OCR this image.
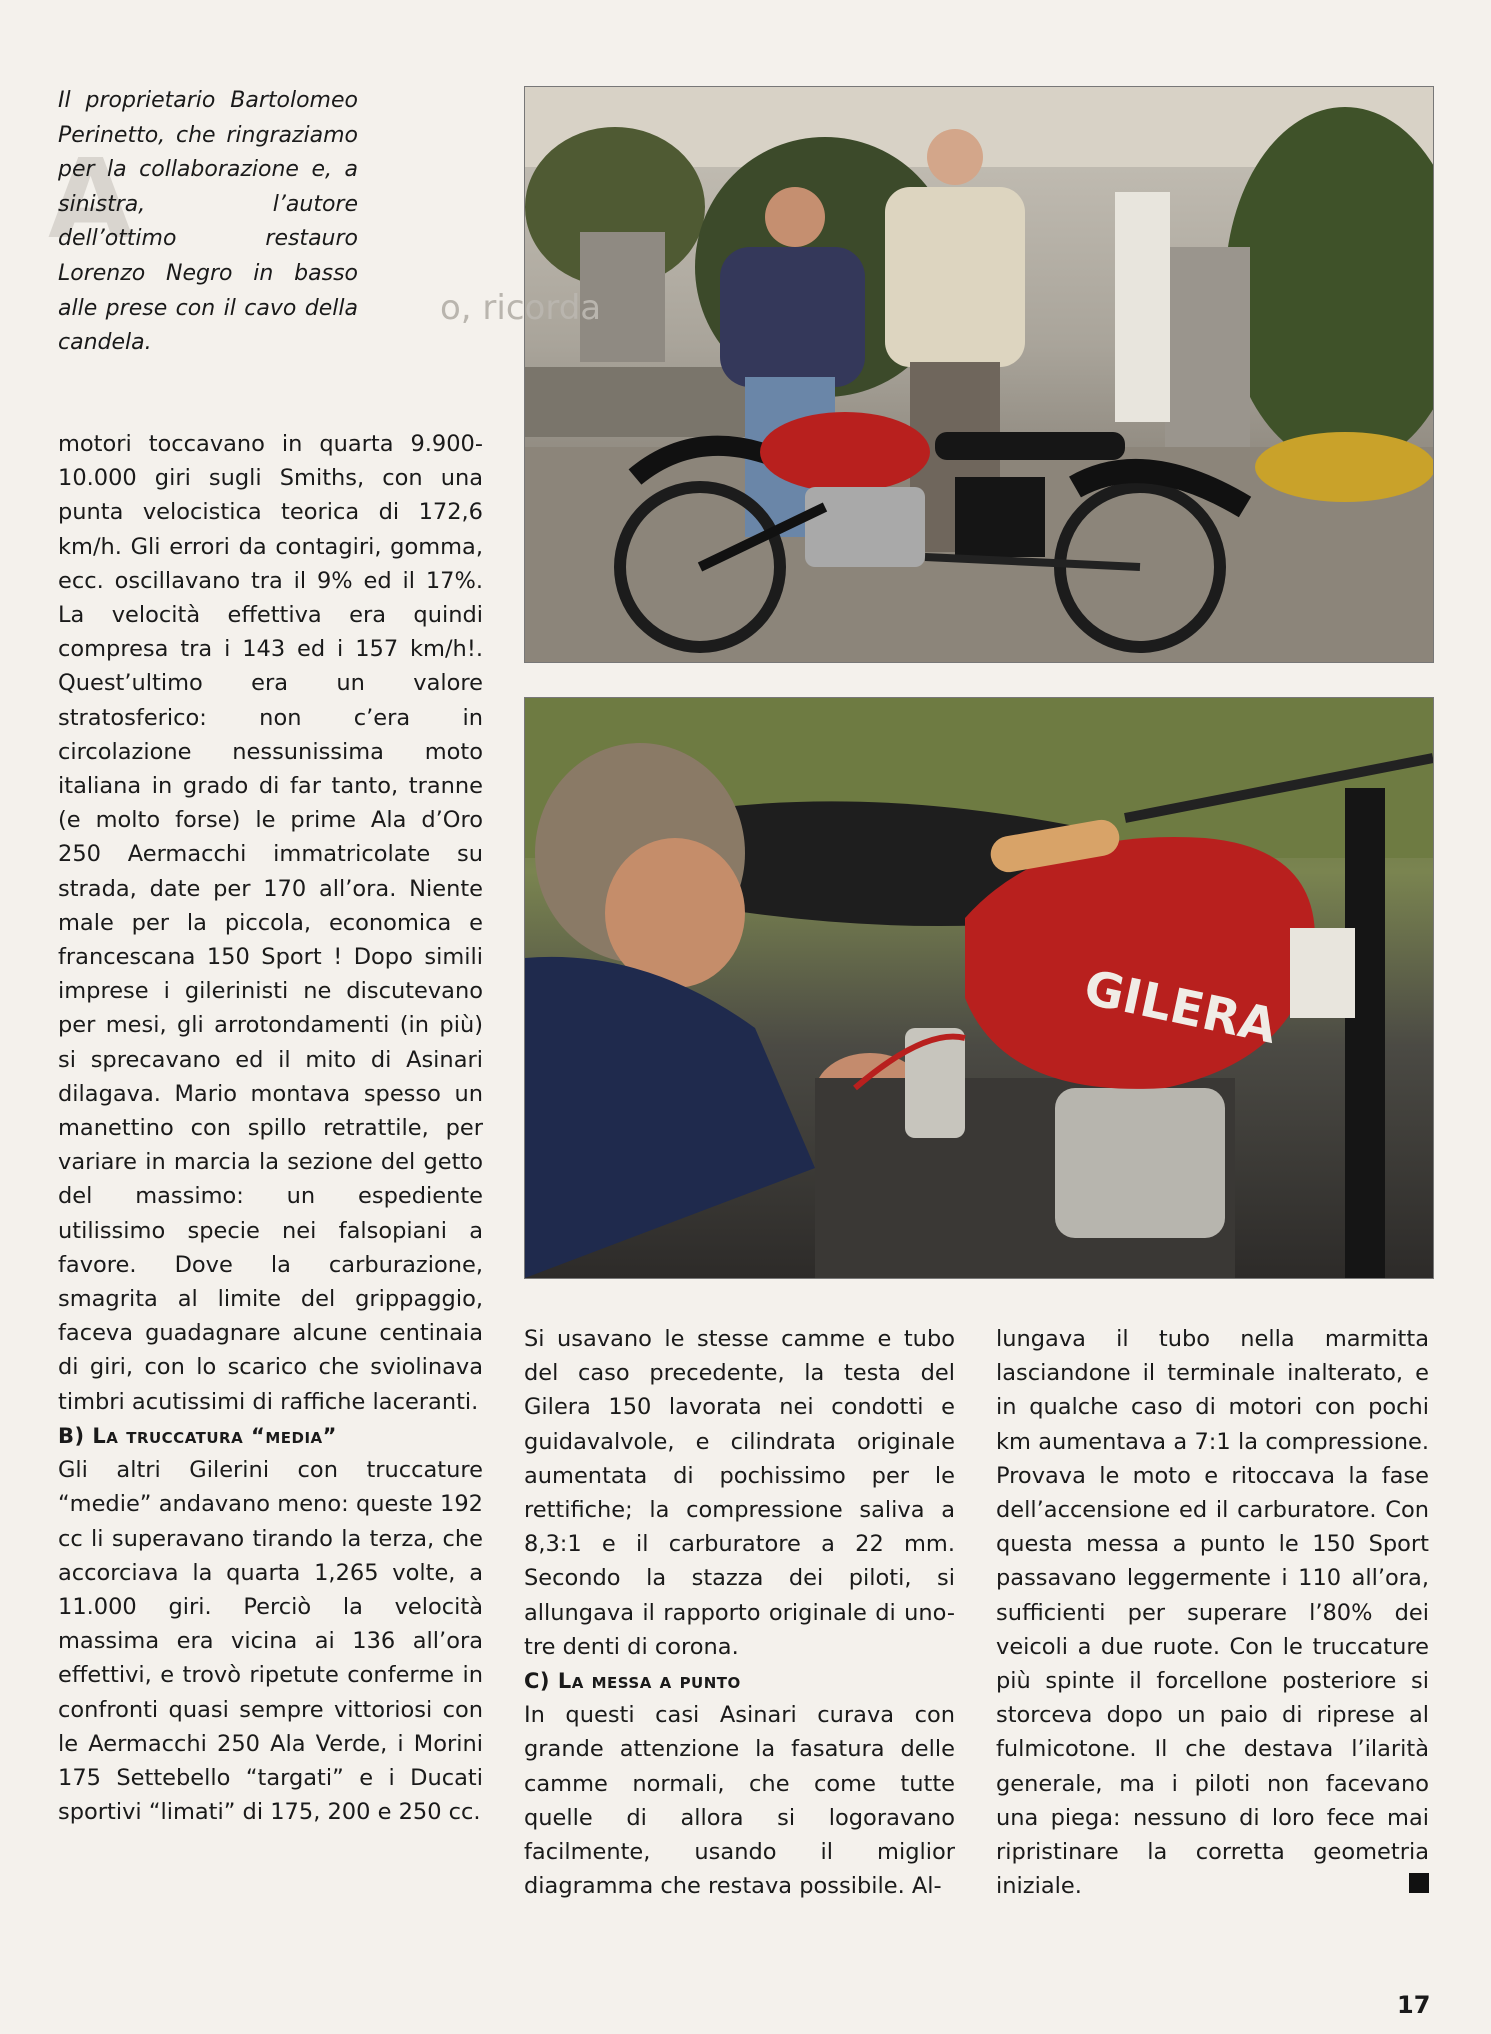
A
Il proprietario Bartolomeo Perinetto, che ringraziamo per la collaborazione e, a sinistra, l’autore dell’ottimo restauro Lorenzo Negro in basso alle prese con il cavo della candela.
GILERA
o, ricorda

motori toccavano in quarta 9.900-10.000 giri sugli Smiths, con una punta velocistica teorica di 172,6 km/h. Gli errori da contagiri, gomma, ecc. oscillavano tra il 9% ed il 17%. La velocità effettiva era quindi compresa tra i 143 ed i 157 km/h!. Quest’ultimo era un valore stratosferico: non c’era in circolazione nessunissima moto italiana in grado di far tanto, tranne (e molto forse) le prime Ala d’Oro 250 Aermacchi immatricolate su strada, date per 170 all’ora. Niente male per la piccola, economica e francescana 150 Sport ! Dopo simili imprese i gilerinisti ne discutevano per mesi, gli arrotondamenti (in più) si sprecavano ed il mito di Asinari dilagava. Mario montava spesso un manettino con spillo retrattile, per variare in marcia la sezione del getto del massimo: un espediente utilissimo specie nei falsopiani a favore. Dove la carburazione, smagrita al limite del grippaggio, faceva guadagnare alcune centinaia di giri, con lo scarico che sviolinava timbri acutissimi di raffiche laceranti.

B) La truccatura “media”

Gli altri Gilerini con truccature “medie” andavano meno: queste 192 cc li superavano tirando la terza, che accorciava la quarta 1,265 volte, a 11.000 giri. Perciò la velocità massima era vicina ai 136 all’ora effettivi, e trovò ripetute conferme in confronti quasi sempre vittoriosi con le Aermacchi 250 Ala Verde, i Morini 175 Settebello “targati” e i Ducati sportivi “limati” di 175, 200 e 250 cc.

Si usavano le stesse camme e tubo del caso precedente, la testa del Gilera 150 lavorata nei condotti e guidavalvole, e cilindrata originale aumentata di pochissimo per le rettifiche; la compressione saliva a 8,3:1 e il carburatore a 22 mm. Secondo la stazza dei piloti, si allungava il rapporto originale di uno-tre denti di corona.

C) La messa a punto

In questi casi Asinari curava con grande attenzione la fasatura delle camme normali, che come tutte quelle di allora si logoravano facilmente, usando il miglior diagramma che restava possibile. Al-

lungava il tubo nella marmitta lasciandone il terminale inalterato, e in qualche caso di motori con pochi km aumentava a 7:1 la compressione. Provava le moto e ritoccava la fase dell’accensione ed il carburatore. Con questa messa a punto le 150 Sport passavano leggermente i 110 all’ora, sufficienti per superare l’80% dei veicoli a due ruote. Con le truccature più spinte il forcellone posteriore si storceva dopo un paio di riprese al fulmicotone. Il che destava l’ilarità generale, ma i piloti non facevano una piega: nessuno di loro fece mai ripristinare la corretta geometria iniziale.

17
